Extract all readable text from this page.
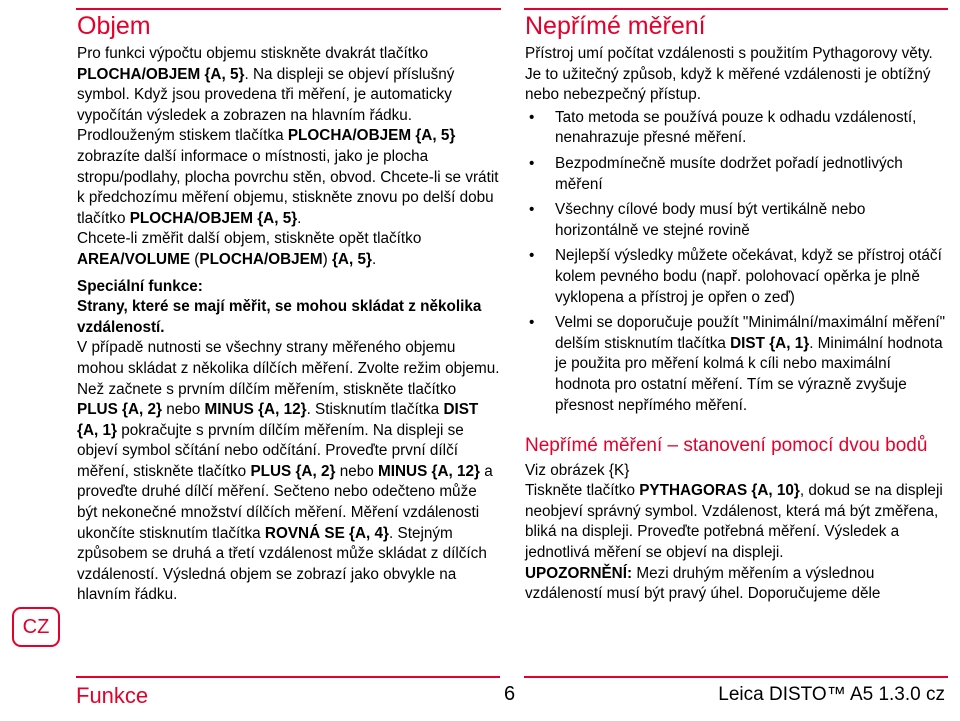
Objem

Pro funkci výpočtu objemu stiskněte dvakrát tlačítko PLOCHA/OBJEM {A, 5}. Na displeji se objeví příslušný symbol. Když jsou provedena tři měření, je automaticky vypočítán výsledek a zobrazen na hlavním řádku. Prodlouženým stiskem tlačítka PLOCHA/OBJEM {A, 5} zobrazíte další informace o místnosti, jako je plocha stropu/podlahy, plocha povrchu stěn, obvod. Chcete-li se vrátit k předchozímu měření objemu, stiskněte znovu po delší dobu tlačítko PLOCHA/OBJEM {A, 5}.

Chcete-li změřit další objem, stiskněte opět tlačítko AREA/VOLUME (PLOCHA/OBJEM) {A, 5}.

Speciální funkce:

Strany, které se mají měřit, se mohou skládat z několika vzdáleností.

V případě nutnosti se všechny strany měřeného objemu mohou skládat z několika dílčích měření. Zvolte režim objemu. Než začnete s prvním dílčím měřením, stiskněte tlačítko PLUS {A, 2} nebo MINUS {A, 12}. Stisknutím tlačítka DIST {A, 1} pokračujte s prvním dílčím měřením. Na displeji se objeví symbol sčítání nebo odčítání. Proveďte první dílčí měření, stiskněte tlačítko PLUS {A, 2} nebo MINUS {A, 12} a proveďte druhé dílčí měření. Sečteno nebo odečteno může být nekonečné množství dílčích měření. Měření vzdálenosti ukončíte stisknutím tlačítka ROVNÁ SE {A, 4}. Stejným způsobem se druhá a třetí vzdálenost může skládat z dílčích vzdáleností. Výsledná objem se zobrazí jako obvykle na hlavním řádku.

Nepřímé měření

Přístroj umí počítat vzdálenosti s použitím Pythagorovy věty. Je to užitečný způsob, když k měřené vzdálenosti je obtížný nebo nebezpečný přístup.

• Tato metoda se používá pouze k odhadu vzdáleností, nenahrazuje přesné měření.
• Bezpodmínečně musíte dodržet pořadí jednotlivých měření
• Všechny cílové body musí být vertikálně nebo horizontálně ve stejné rovině
• Nejlepší výsledky můžete očekávat, když se přístroj otáčí kolem pevného bodu (např. polohovací opěrka je plně vyklopena a přístroj je opřen o zeď)
• Velmi se doporučuje použít "Minimální/maximální měření" delším stisknutím tlačítka DIST {A, 1}. Minimální hodnota je použita pro měření kolmá k cíli nebo maximální hodnota pro ostatní měření. Tím se výrazně zvyšuje přesnost nepřímého měření.
Nepřímé měření – stanovení pomocí dvou bodů

Viz obrázek {K}

Tiskněte tlačítko PYTHAGORAS {A, 10}, dokud se na displeji neobjeví správný symbol. Vzdálenost, která má být změřena, bliká na displeji. Proveďte potřebná měření. Výsledek a jednotlivá měření se objeví na displeji.

UPOZORNĚNÍ: Mezi druhým měřením a výslednou vzdáleností musí být pravý úhel. Doporučujeme děle

CZ
Funkce	6	Leica DISTO™ A5 1.3.0 cz
